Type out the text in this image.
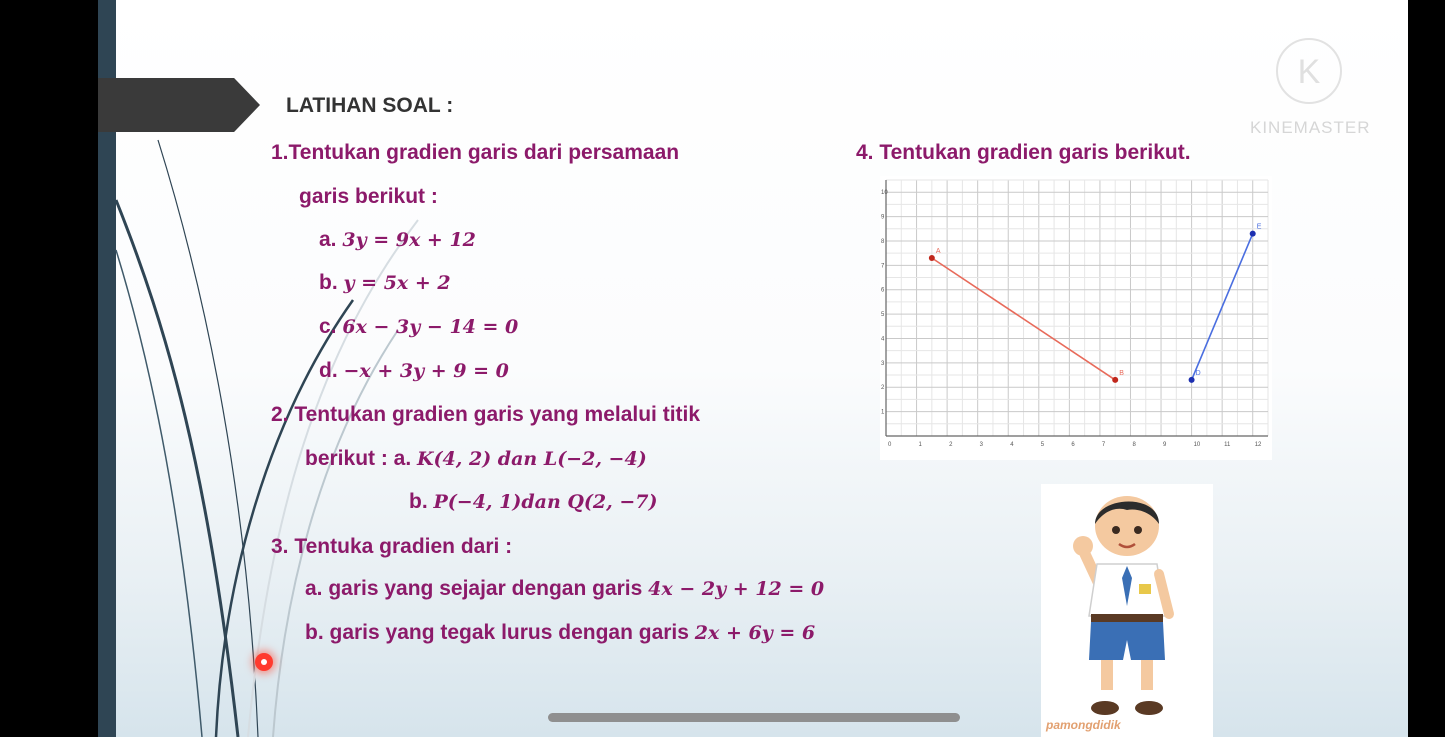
LATIHAN SOAL :
1.Tentukan gradien garis dari persamaan
garis berikut :
a. 3y = 9x + 12
b. y = 5x + 2
c. 6x − 3y − 14 = 0
d. −x + 3y + 9 = 0
2. Tentukan gradien garis yang melalui titik
berikut : a. K(4, 2) dan L(−2, −4)
b. P(−4, 1)dan Q(2, −7)
3. Tentuka gradien dari :
a. garis yang sejajar dengan garis 4x − 2y + 12 = 0
b. garis yang tegak lurus dengan garis 2x + 6y = 6
4. Tentukan gradien garis berikut.
0	1	2	3	4	5	6	7	8	9	10	11	12
1
2
3
4
5
6
7
8
9
10
A
B	D
E
K
KINEMASTER
pamongdidik
